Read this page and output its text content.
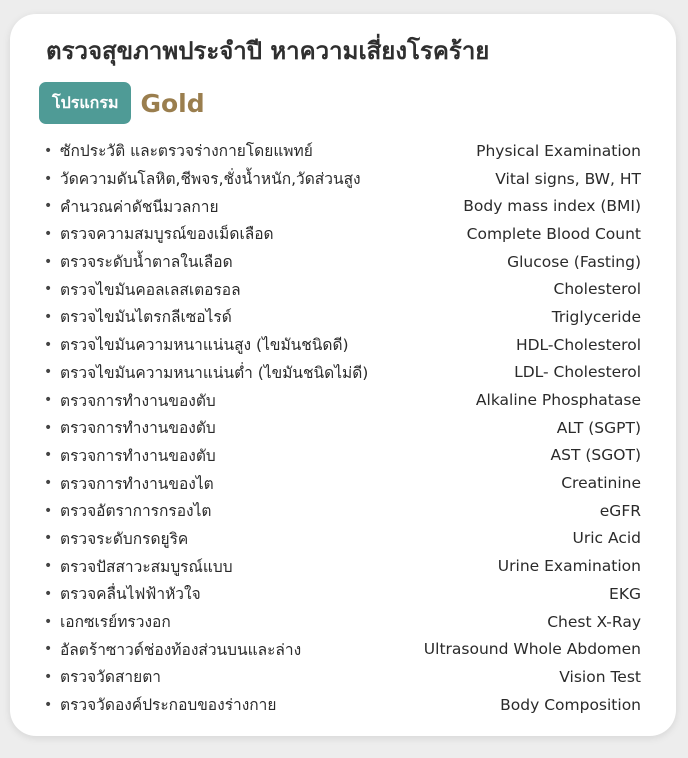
ตรวจสุขภาพประจำปี หาความเสี่ยงโรคร้าย
โปรแกรม Gold
• ซักประวัติ และตรวจร่างกายโดยแพทย์	Physical Examination
• วัดความดันโลหิต,ชีพจร,ชั่งน้ำหนัก,วัดส่วนสูง	Vital signs, BW, HT
• คำนวณค่าดัชนีมวลกาย	Body mass index (BMI)
• ตรวจความสมบูรณ์ของเม็ดเลือด	Complete Blood Count
• ตรวจระดับน้ำตาลในเลือด	Glucose (Fasting)
• ตรวจไขมันคอลเลสเตอรอล	Cholesterol
• ตรวจไขมันไตรกลีเซอไรด์	Triglyceride
• ตรวจไขมันความหนาแน่นสูง (ไขมันชนิดดี)	HDL-Cholesterol
• ตรวจไขมันความหนาแน่นต่ำ (ไขมันชนิดไม่ดี)	LDL- Cholesterol
• ตรวจการทำงานของตับ	Alkaline Phosphatase
• ตรวจการทำงานของตับ	ALT (SGPT)
• ตรวจการทำงานของตับ	AST (SGOT)
• ตรวจการทำงานของไต	Creatinine
• ตรวจอัตราการกรองไต	eGFR
• ตรวจระดับกรดยูริค	Uric Acid
• ตรวจปัสสาวะสมบูรณ์แบบ	Urine Examination
• ตรวจคลื่นไฟฟ้าหัวใจ	EKG
• เอกซเรย์ทรวงอก	Chest X-Ray
• อัลตร้าซาวด์ช่องท้องส่วนบนและล่าง	Ultrasound Whole Abdomen
• ตรวจวัดสายตา	Vision Test
• ตรวจวัดองค์ประกอบของร่างกาย	Body Composition
